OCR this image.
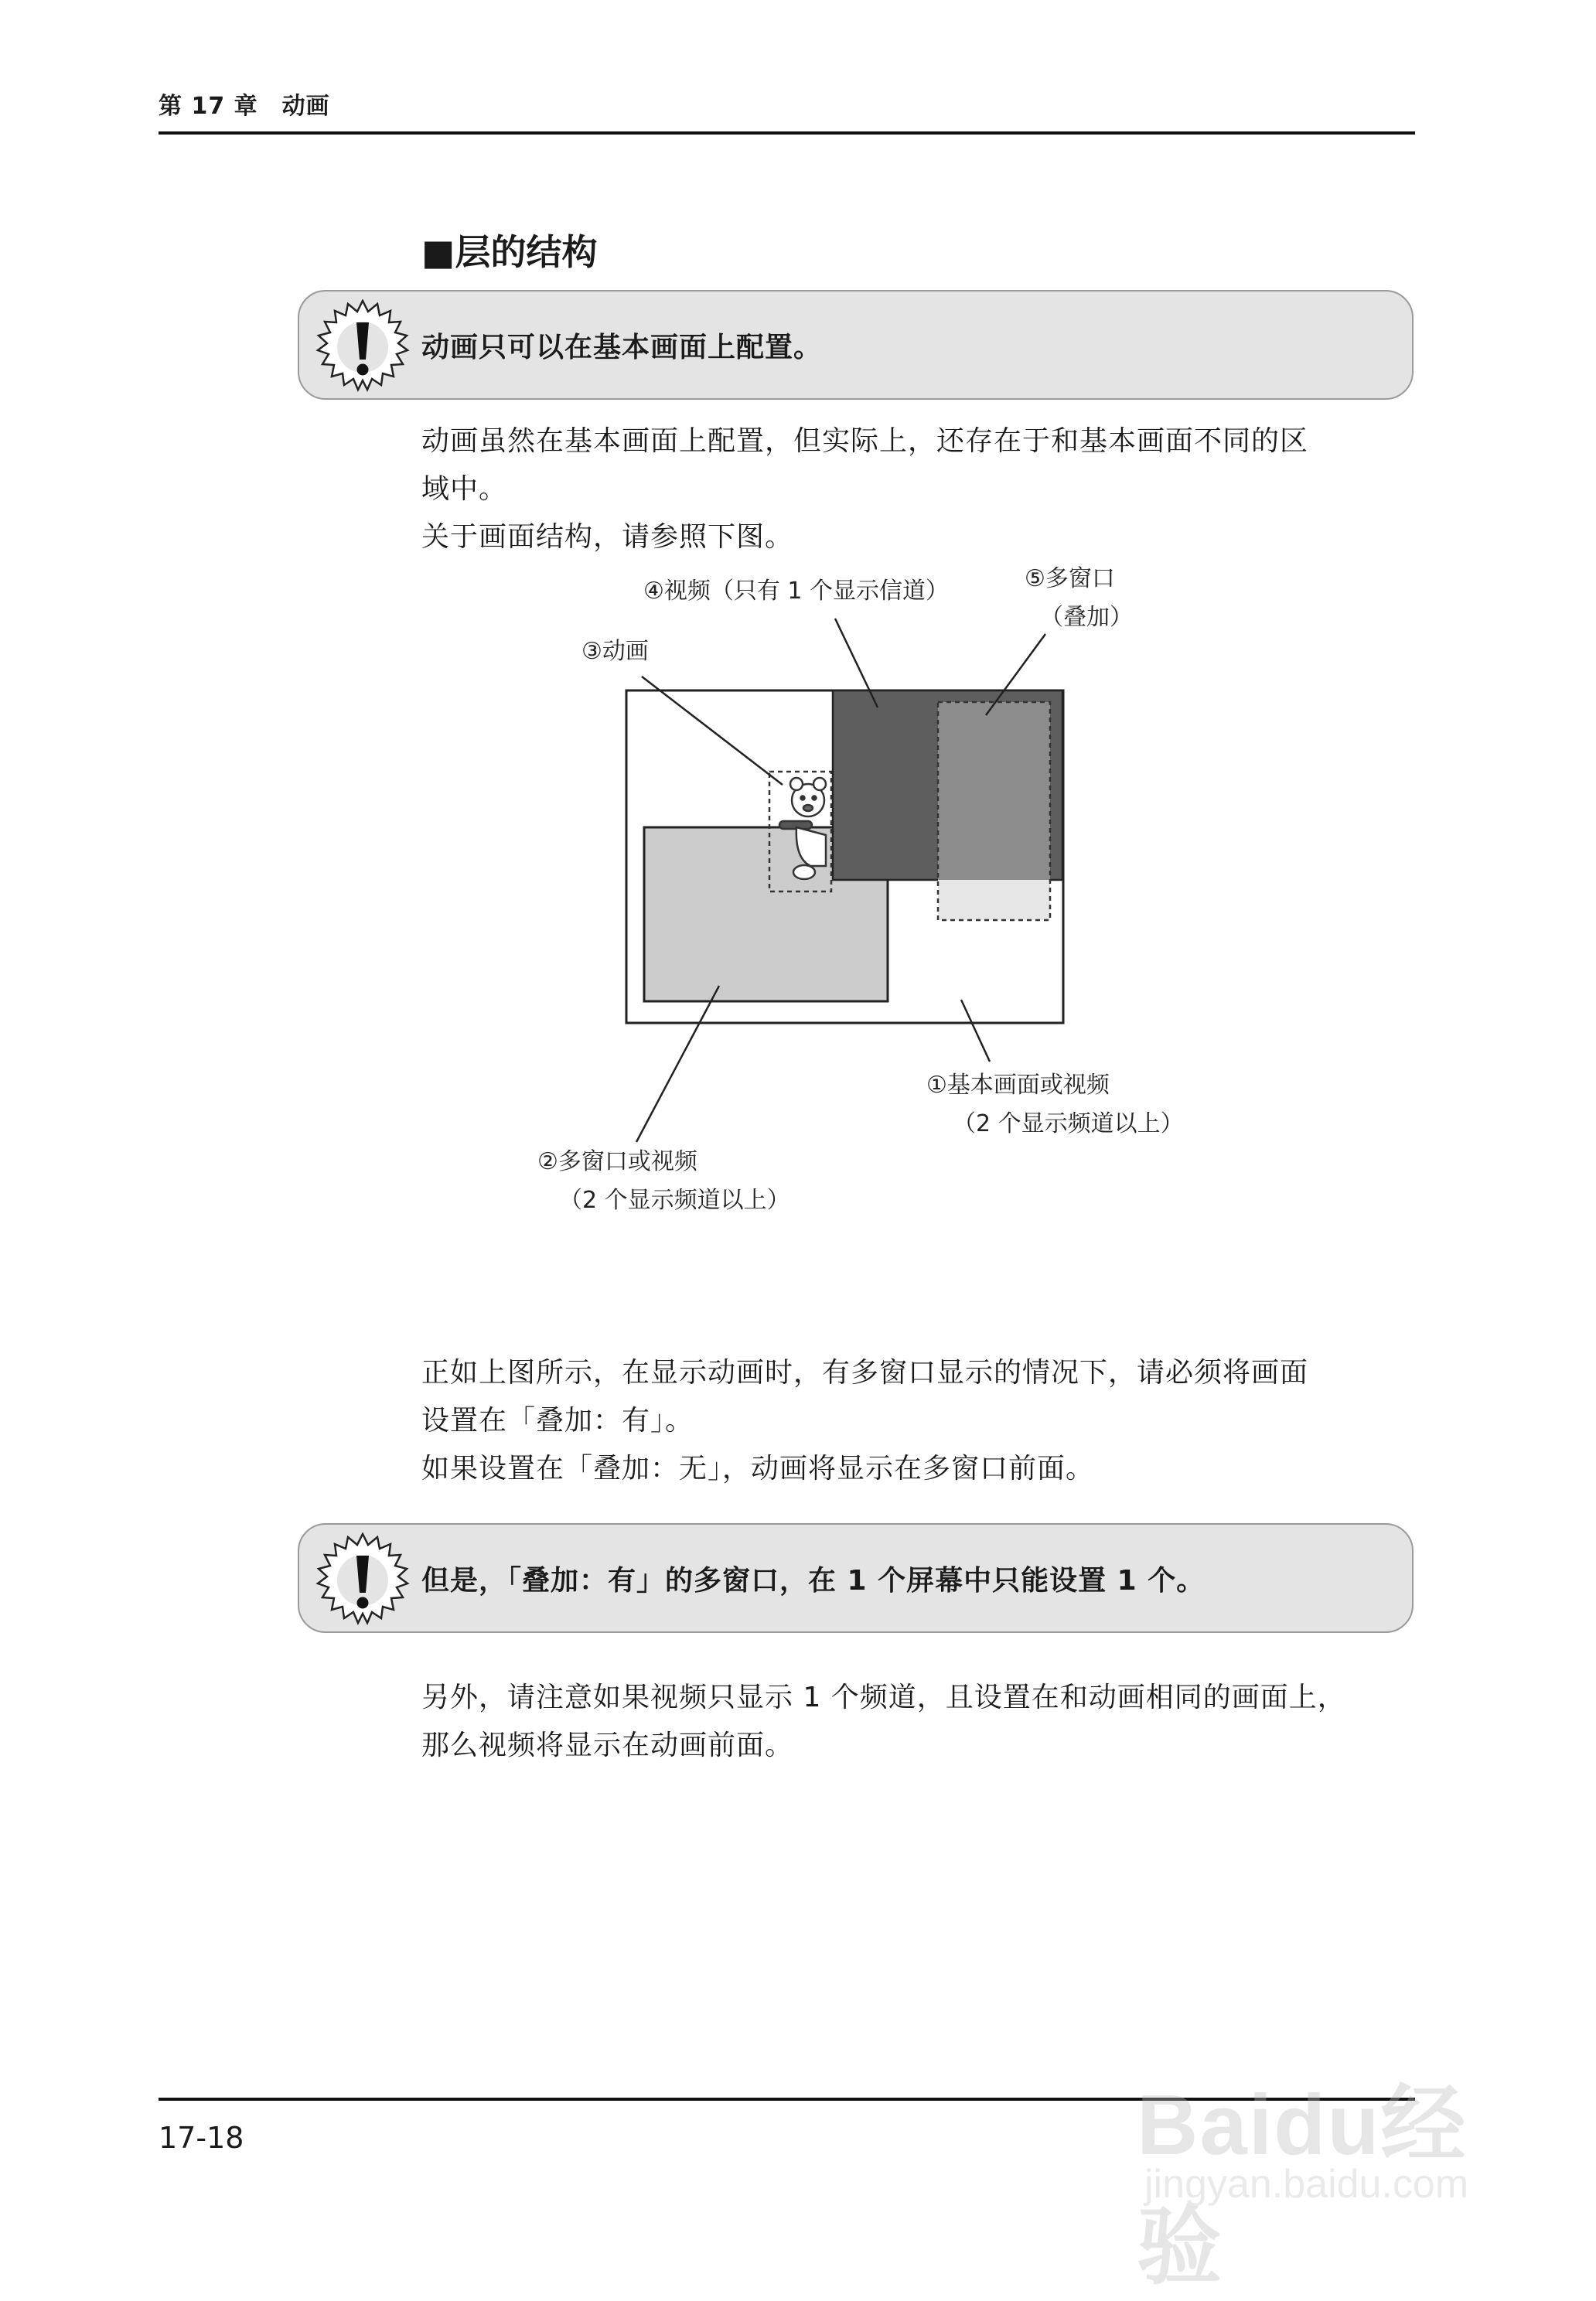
第 17 章　动画
■层的结构
动画只可以在基本画面上配置。
动画虽然在基本画面上配置，但实际上，还存在于和基本画面不同的区
域中。
关于画面结构，请参照下图。
④视频（只有 1 个显示信道）	⑤多窗口
（叠加）
③动画
①基本画面或视频
（2 个显示频道以上）
②多窗口或视频
（2 个显示频道以上）
正如上图所示，在显示动画时，有多窗口显示的情况下，请必须将画面
设置在「叠加：有」。
如果设置在「叠加：无」，动画将显示在多窗口前面。
但是，「叠加：有」的多窗口，在 1 个屏幕中只能设置 1 个。
另外，请注意如果视频只显示 1 个频道，且设置在和动画相同的画面上，
那么视频将显示在动画前面。
17-18	Baidu经验
jingyan.baidu.com
